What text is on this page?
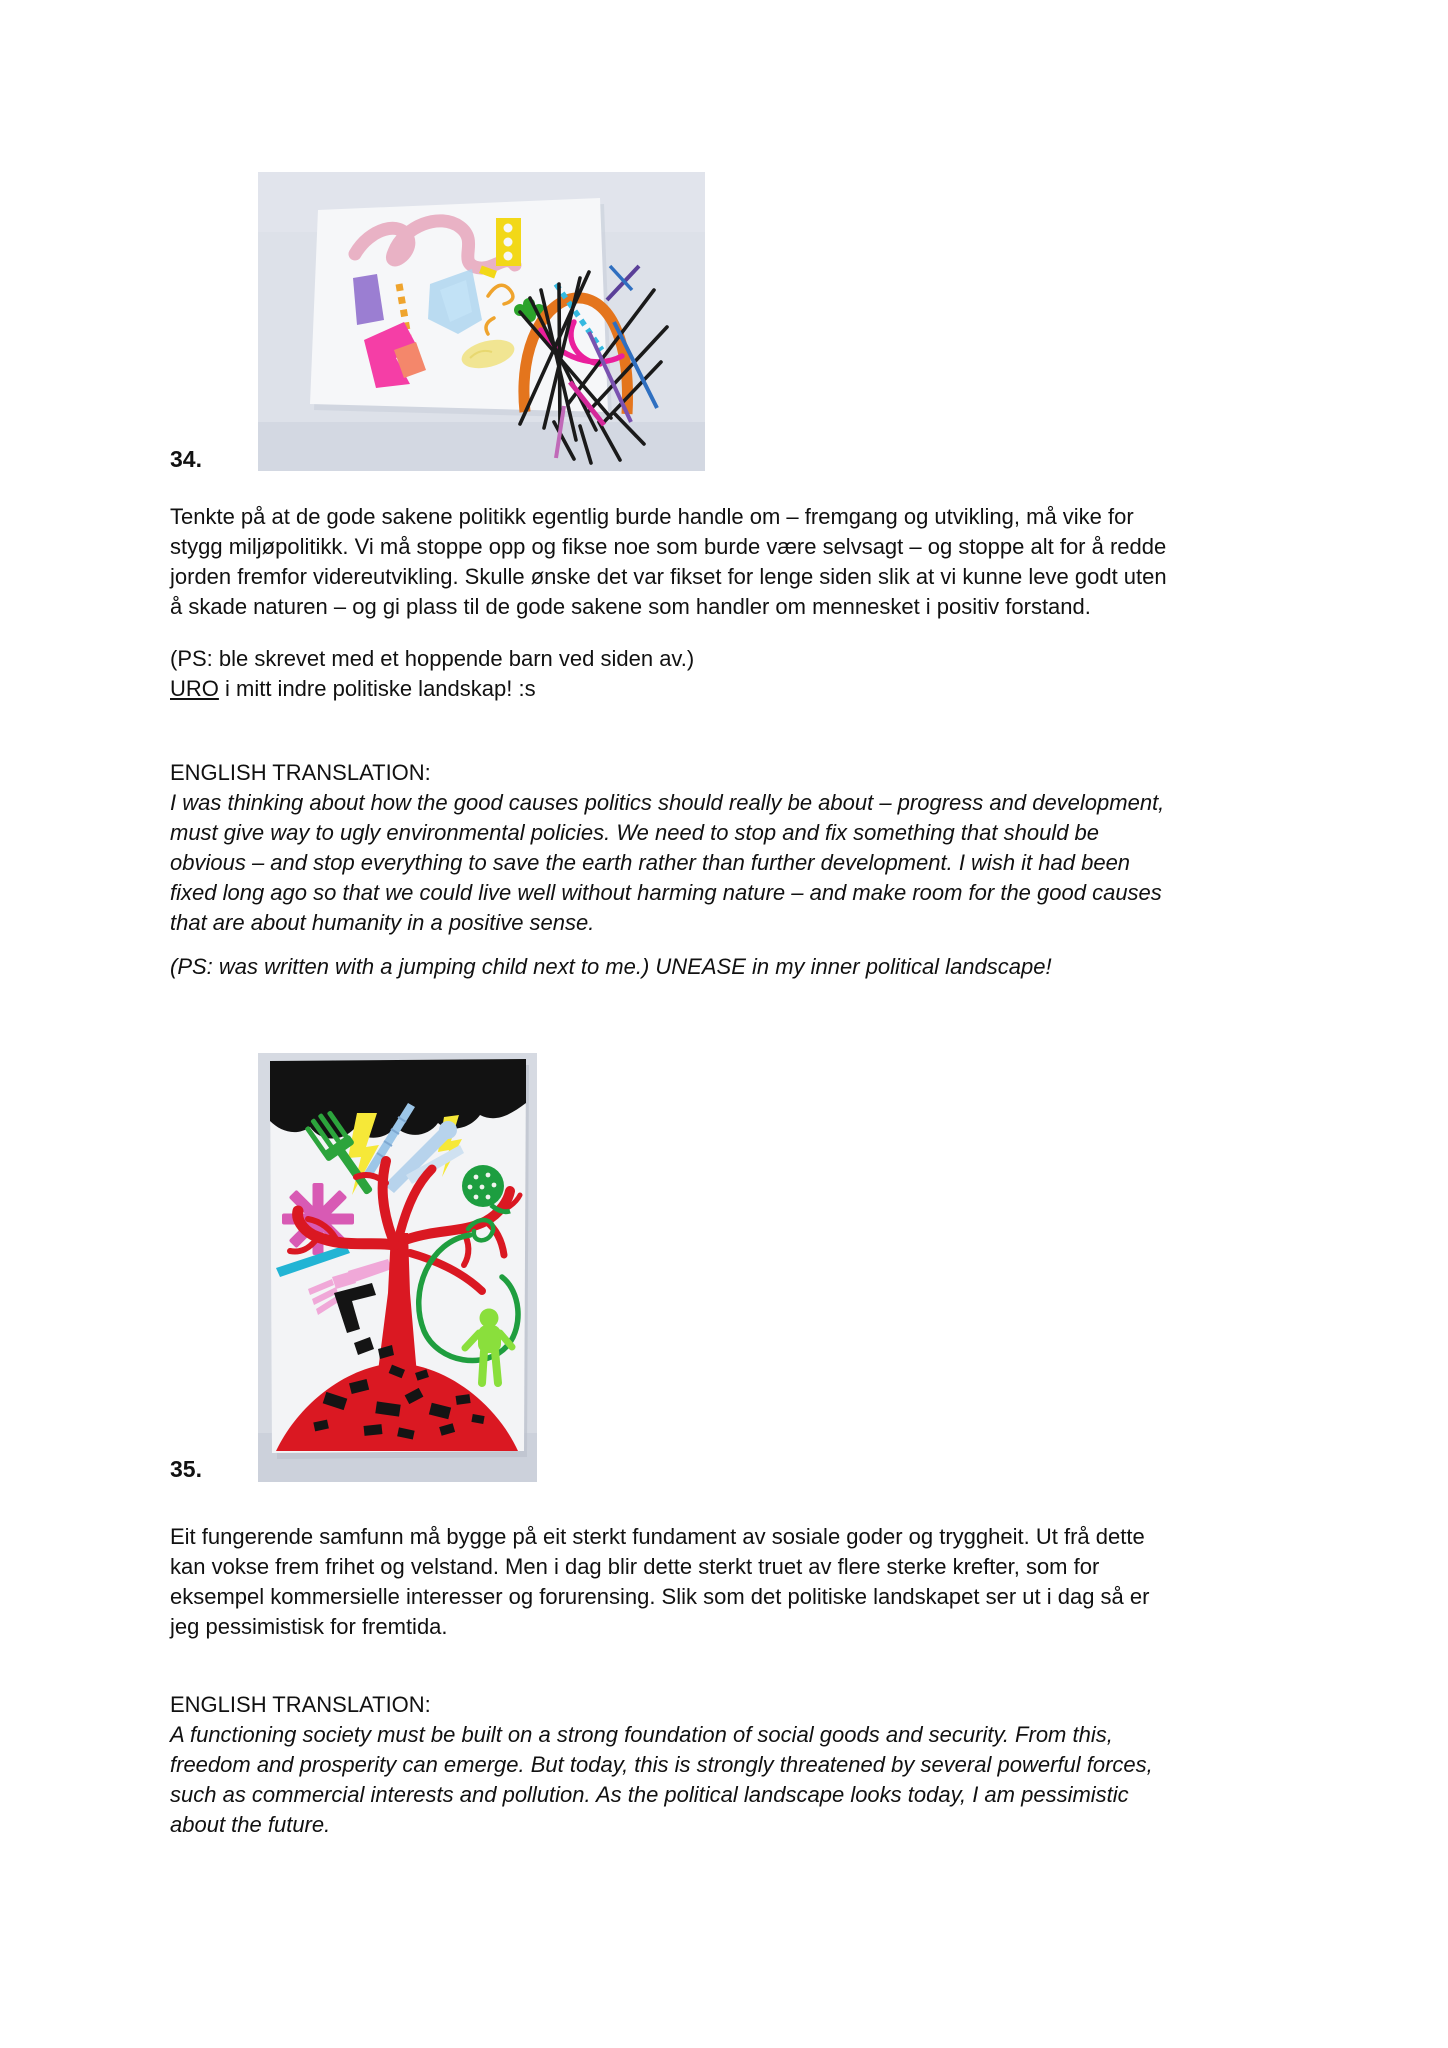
34.
Tenkte på at de gode sakene politikk egentlig burde handle om – fremgang og utvikling, må vike for
stygg miljøpolitikk. Vi må stoppe opp og fikse noe som burde være selvsagt – og stoppe alt for å redde
jorden fremfor videreutvikling. Skulle ønske det var fikset for lenge siden slik at vi kunne leve godt uten
å skade naturen – og gi plass til de gode sakene som handler om mennesket i positiv forstand.
(PS: ble skrevet med et hoppende barn ved siden av.)
URO i mitt indre politiske landskap! :s
ENGLISH TRANSLATION:
I was thinking about how the good causes politics should really be about – progress and development,
must give way to ugly environmental policies. We need to stop and fix something that should be
obvious – and stop everything to save the earth rather than further development. I wish it had been
fixed long ago so that we could live well without harming nature – and make room for the good causes
that are about humanity in a positive sense.
(PS: was written with a jumping child next to me.) UNEASE in my inner political landscape!
35.
Eit fungerende samfunn må bygge på eit sterkt fundament av sosiale goder og tryggheit. Ut frå dette
kan vokse frem frihet og velstand. Men i dag blir dette sterkt truet av flere sterke krefter, som for
eksempel kommersielle interesser og forurensing. Slik som det politiske landskapet ser ut i dag så er
jeg pessimistisk for fremtida.
ENGLISH TRANSLATION:
A functioning society must be built on a strong foundation of social goods and security. From this,
freedom and prosperity can emerge. But today, this is strongly threatened by several powerful forces,
such as commercial interests and pollution. As the political landscape looks today, I am pessimistic
about the future.
